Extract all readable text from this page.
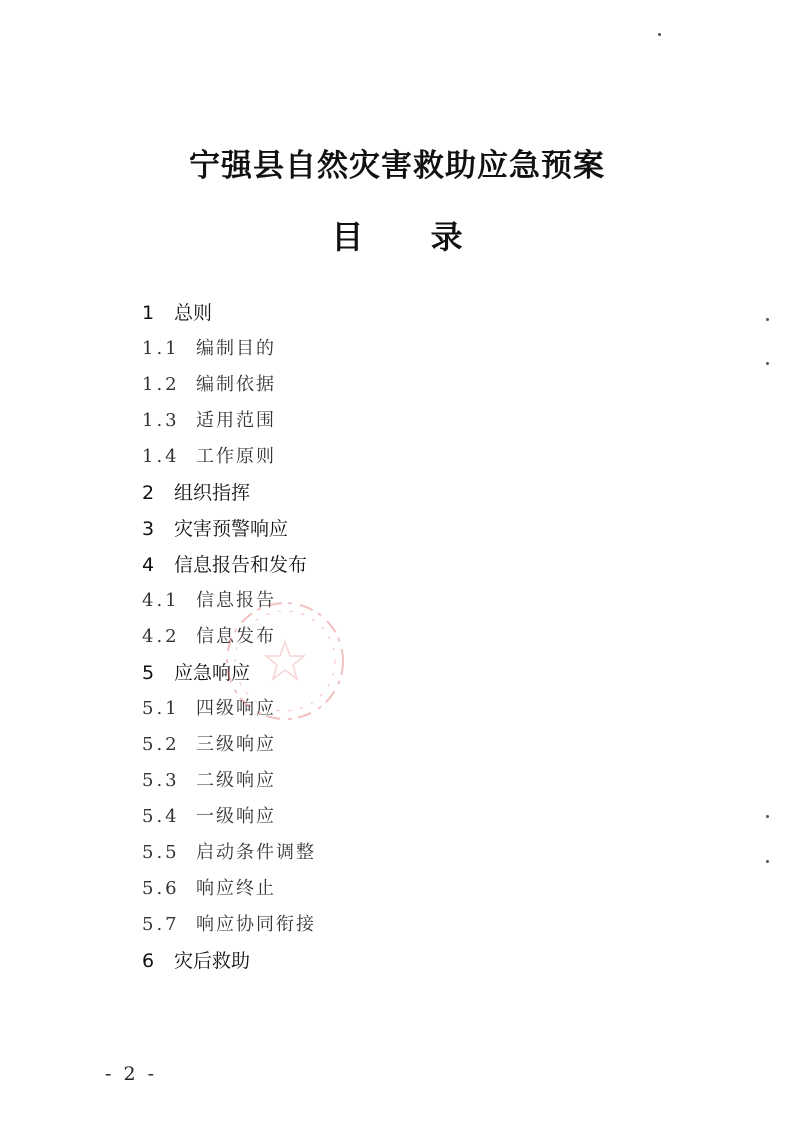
宁强县自然灾害救助应急预案
目 录
1 总则
1.1 编制目的
1.2 编制依据
1.3 适用范围
1.4 工作原则
2 组织指挥
3 灾害预警响应
4 信息报告和发布
4.1 信息报告
4.2 信息发布
5 应急响应
5.1 四级响应
5.2 三级响应
5.3 二级响应
5.4 一级响应
5.5 启动条件调整
5.6 响应终止
5.7 响应协同衔接
6 灾后救助
- 2 -
